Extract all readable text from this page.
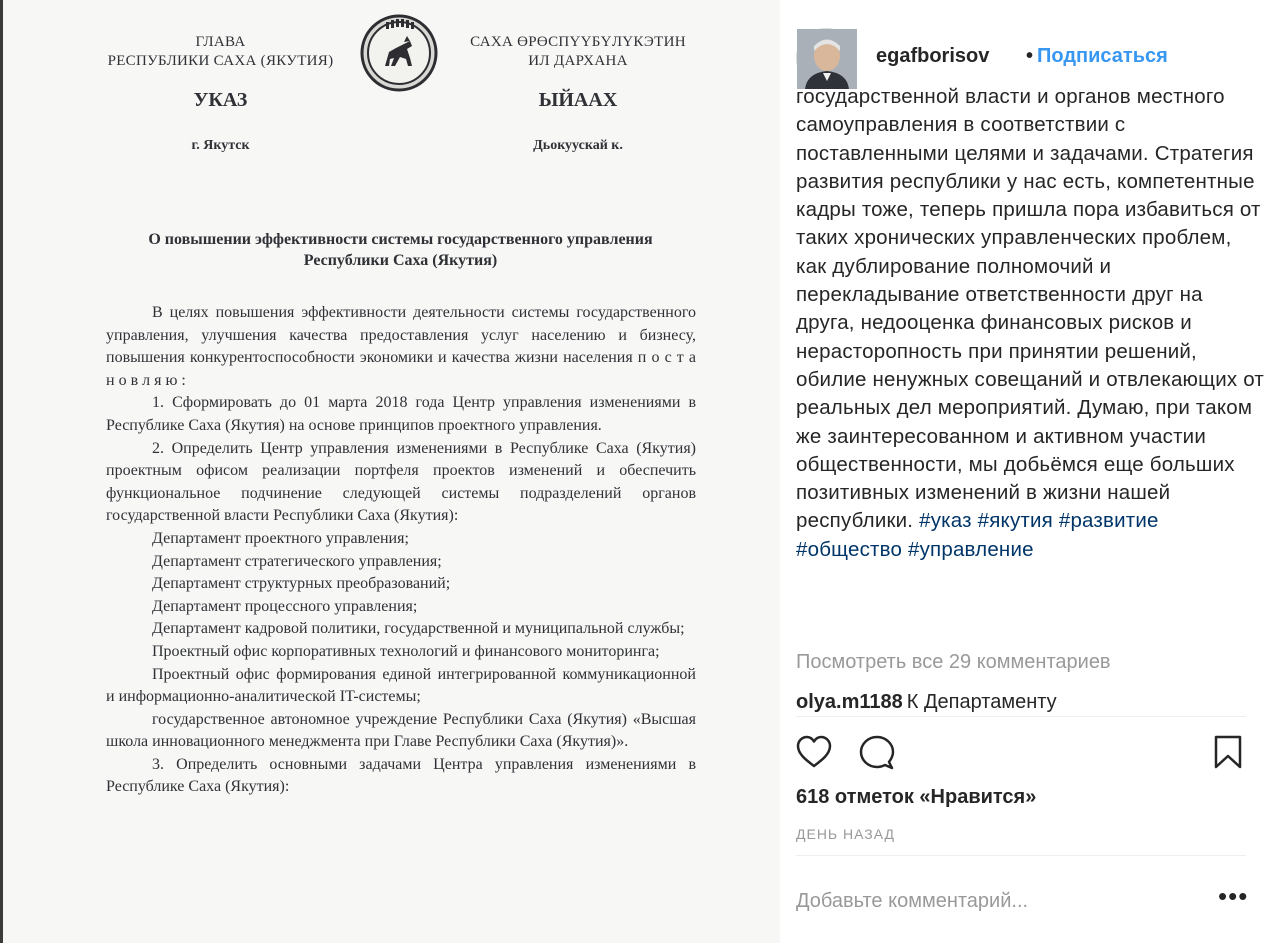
ГЛАВА
РЕСПУБЛИКИ САХА (ЯКУТИЯ)
САХА ӨРӨСПҮҮБҮЛҮКЭТИН
ИЛ ДАРХАНА
УКАЗ	ЫЙААХ
г. Якутск	Дьокуускай к.
О повышении эффективности системы государственного управления
Республики Саха (Якутия)

В целях повышения эффективности деятельности системы государственного управления, улучшения качества предоставления услуг населению и бизнесу, повышения конкурентоспособности экономики и качества жизни населения п о с т а н о в л я ю :

1. Сформировать до 01 марта 2018 года Центр управления изменениями в Республике Саха (Якутия) на основе принципов проектного управления.

2. Определить Центр управления изменениями в Республике Саха (Якутия) проектным офисом реализации портфеля проектов изменений и обеспечить функциональное подчинение следующей системы подразделений органов государственной власти Республики Саха (Якутия):

Департамент проектного управления;

Департамент стратегического управления;

Департамент структурных преобразований;

Департамент процессного управления;

Департамент кадровой политики, государственной и муниципальной службы;

Проектный офис корпоративных технологий и финансового мониторинга;

Проектный офис формирования единой интегрированной коммуникационной и информационно-аналитической IT-системы;

государственное автономное учреждение Республики Саха (Якутия) «Высшая школа инновационного менеджмента при Главе Республики Саха (Якутия)».

3. Определить основными задачами Центра управления изменениями в Республике Саха (Якутия):

egafborisov • Подписаться
государственной власти и органов местного самоуправления в соответствии с поставленными целями и задачами. Стратегия развития республики у нас есть, компетентные кадры тоже, теперь пришла пора избавиться от таких хронических управленческих проблем, как дублирование полномочий и перекладывание ответственности друг на друга, недооценка финансовых рисков и нерасторопность при принятии решений, обилие ненужных совещаний и отвлекающих от реальных дел мероприятий. Думаю, при таком же заинтересованном и активном участии общественности, мы добьёмся еще больших позитивных изменений в жизни нашей республики. #указ #якутия #развитие #общество #управление
Посмотреть все 29 комментариев
olya.m1188 К Департаменту
618 отметок «Нравится»
ДЕНЬ НАЗАД
Добавьте комментарий...
•••
